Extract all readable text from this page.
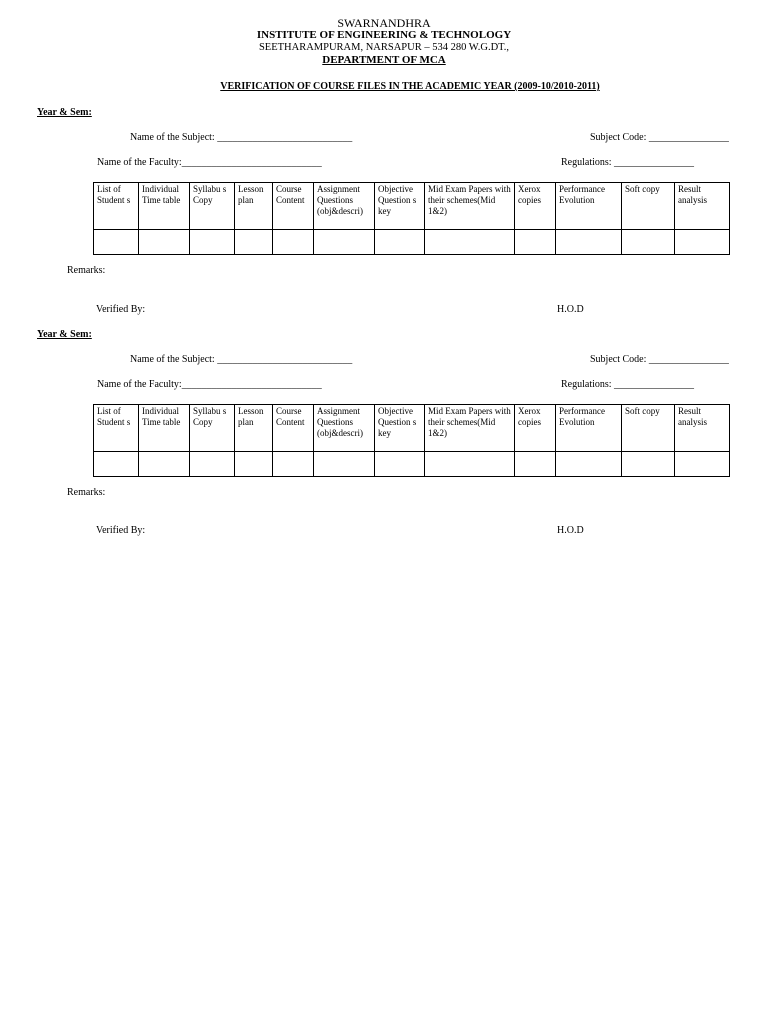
SWARNANDHRA
INSTITUTE OF ENGINEERING & TECHNOLOGY
SEETHARAMPURAM, NARSAPUR – 534 280 W.G.DT.,
DEPARTMENT OF MCA
VERIFICATION OF COURSE FILES IN THE ACADEMIC YEAR (2009-10/2010-2011)
Year & Sem:
Name of the Subject: ___________________________	Subject Code: ________________
Name of the Faculty:____________________________	Regulations: ________________
List of Student s	Individual Time table	Syllabu s Copy	Lesson plan	Course Content	Assignment Questions (obj&descri)	Objective Question s key	Mid Exam Papers with their schemes(Mid 1&2)	Xerox copies	Performance Evolution	Soft copy	Result analysis

Remarks:
Verified By:	H.O.D
Year & Sem:
Name of the Subject: ___________________________	Subject Code: ________________
Name of the Faculty:____________________________	Regulations: ________________
List of Student s	Individual Time table	Syllabu s Copy	Lesson plan	Course Content	Assignment Questions (obj&descri)	Objective Question s key	Mid Exam Papers with their schemes(Mid 1&2)	Xerox copies	Performance Evolution	Soft copy	Result analysis

Remarks:
Verified By:	H.O.D
